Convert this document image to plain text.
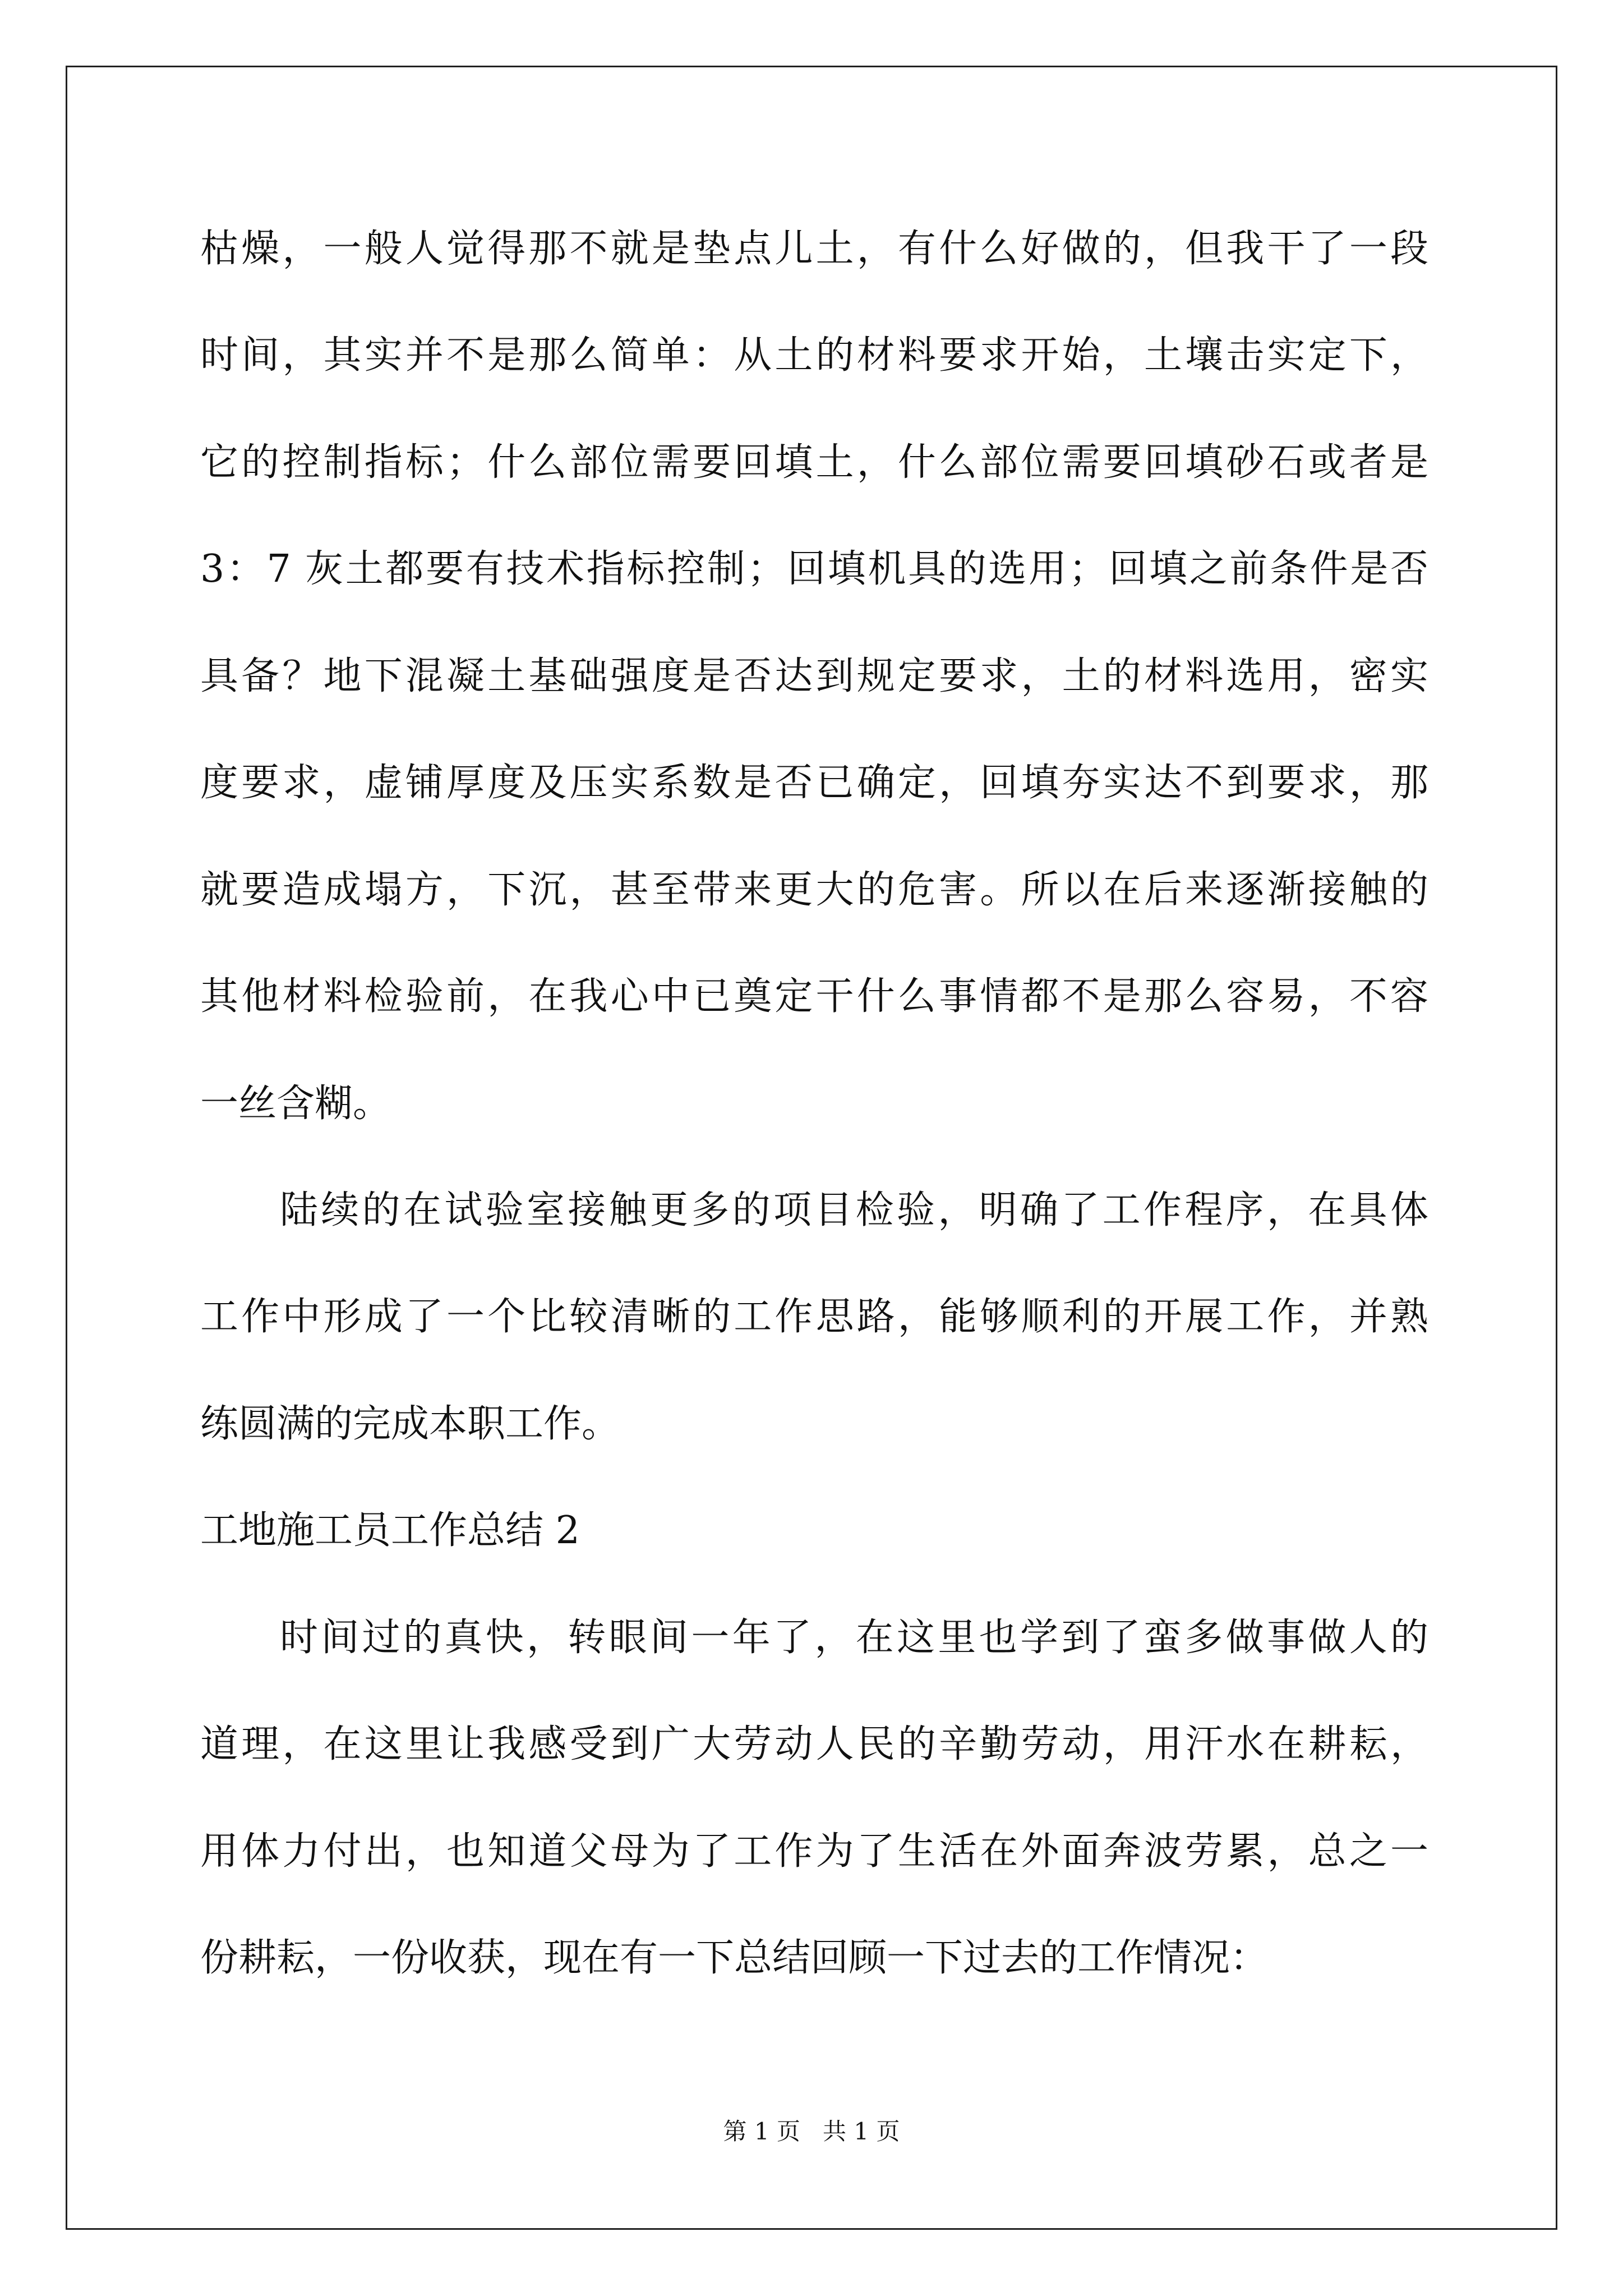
枯燥，一般人觉得那不就是垫点儿土，有什么好做的，但我干了一段
时间，其实并不是那么简单：从土的材料要求开始，土壤击实定下，
它的控制指标；什么部位需要回填土，什么部位需要回填砂石或者是
3：7 灰土都要有技术指标控制；回填机具的选用；回填之前条件是否
具备？地下混凝土基础强度是否达到规定要求，土的材料选用，密实
度要求，虚铺厚度及压实系数是否已确定，回填夯实达不到要求，那
就要造成塌方，下沉，甚至带来更大的危害。所以在后来逐渐接触的
其他材料检验前，在我心中已奠定干什么事情都不是那么容易，不容
一丝含糊。
陆续的在试验室接触更多的项目检验，明确了工作程序，在具体
工作中形成了一个比较清晰的工作思路，能够顺利的开展工作，并熟
练圆满的完成本职工作。
工地施工员工作总结 2
时间过的真快，转眼间一年了，在这里也学到了蛮多做事做人的
道理，在这里让我感受到广大劳动人民的辛勤劳动，用汗水在耕耘，
用体力付出，也知道父母为了工作为了生活在外面奔波劳累，总之一
份耕耘，一份收获，现在有一下总结回顾一下过去的工作情况：
第 1 页   共 1 页
